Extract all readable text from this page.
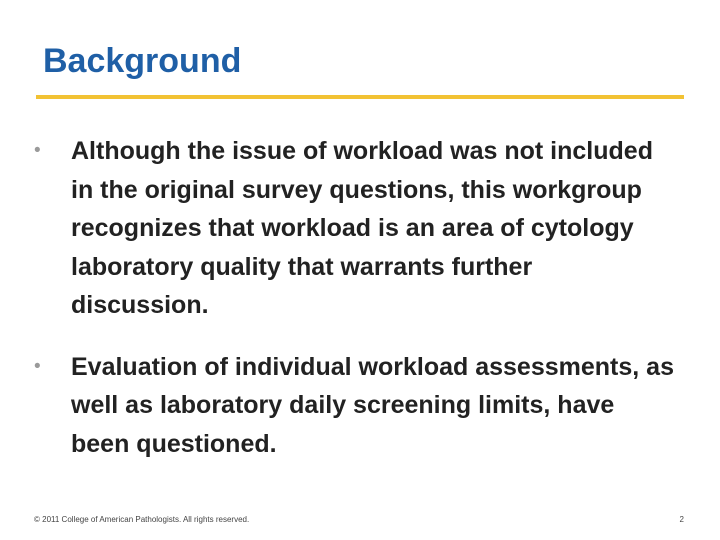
Background
•	Although the issue of workload was not included in the original survey questions, this workgroup recognizes that workload is an area of cytology laboratory quality that warrants further discussion.
•	Evaluation of individual workload assessments, as well as laboratory daily screening limits, have been questioned.
© 2011 College of American Pathologists. All rights reserved.	2
